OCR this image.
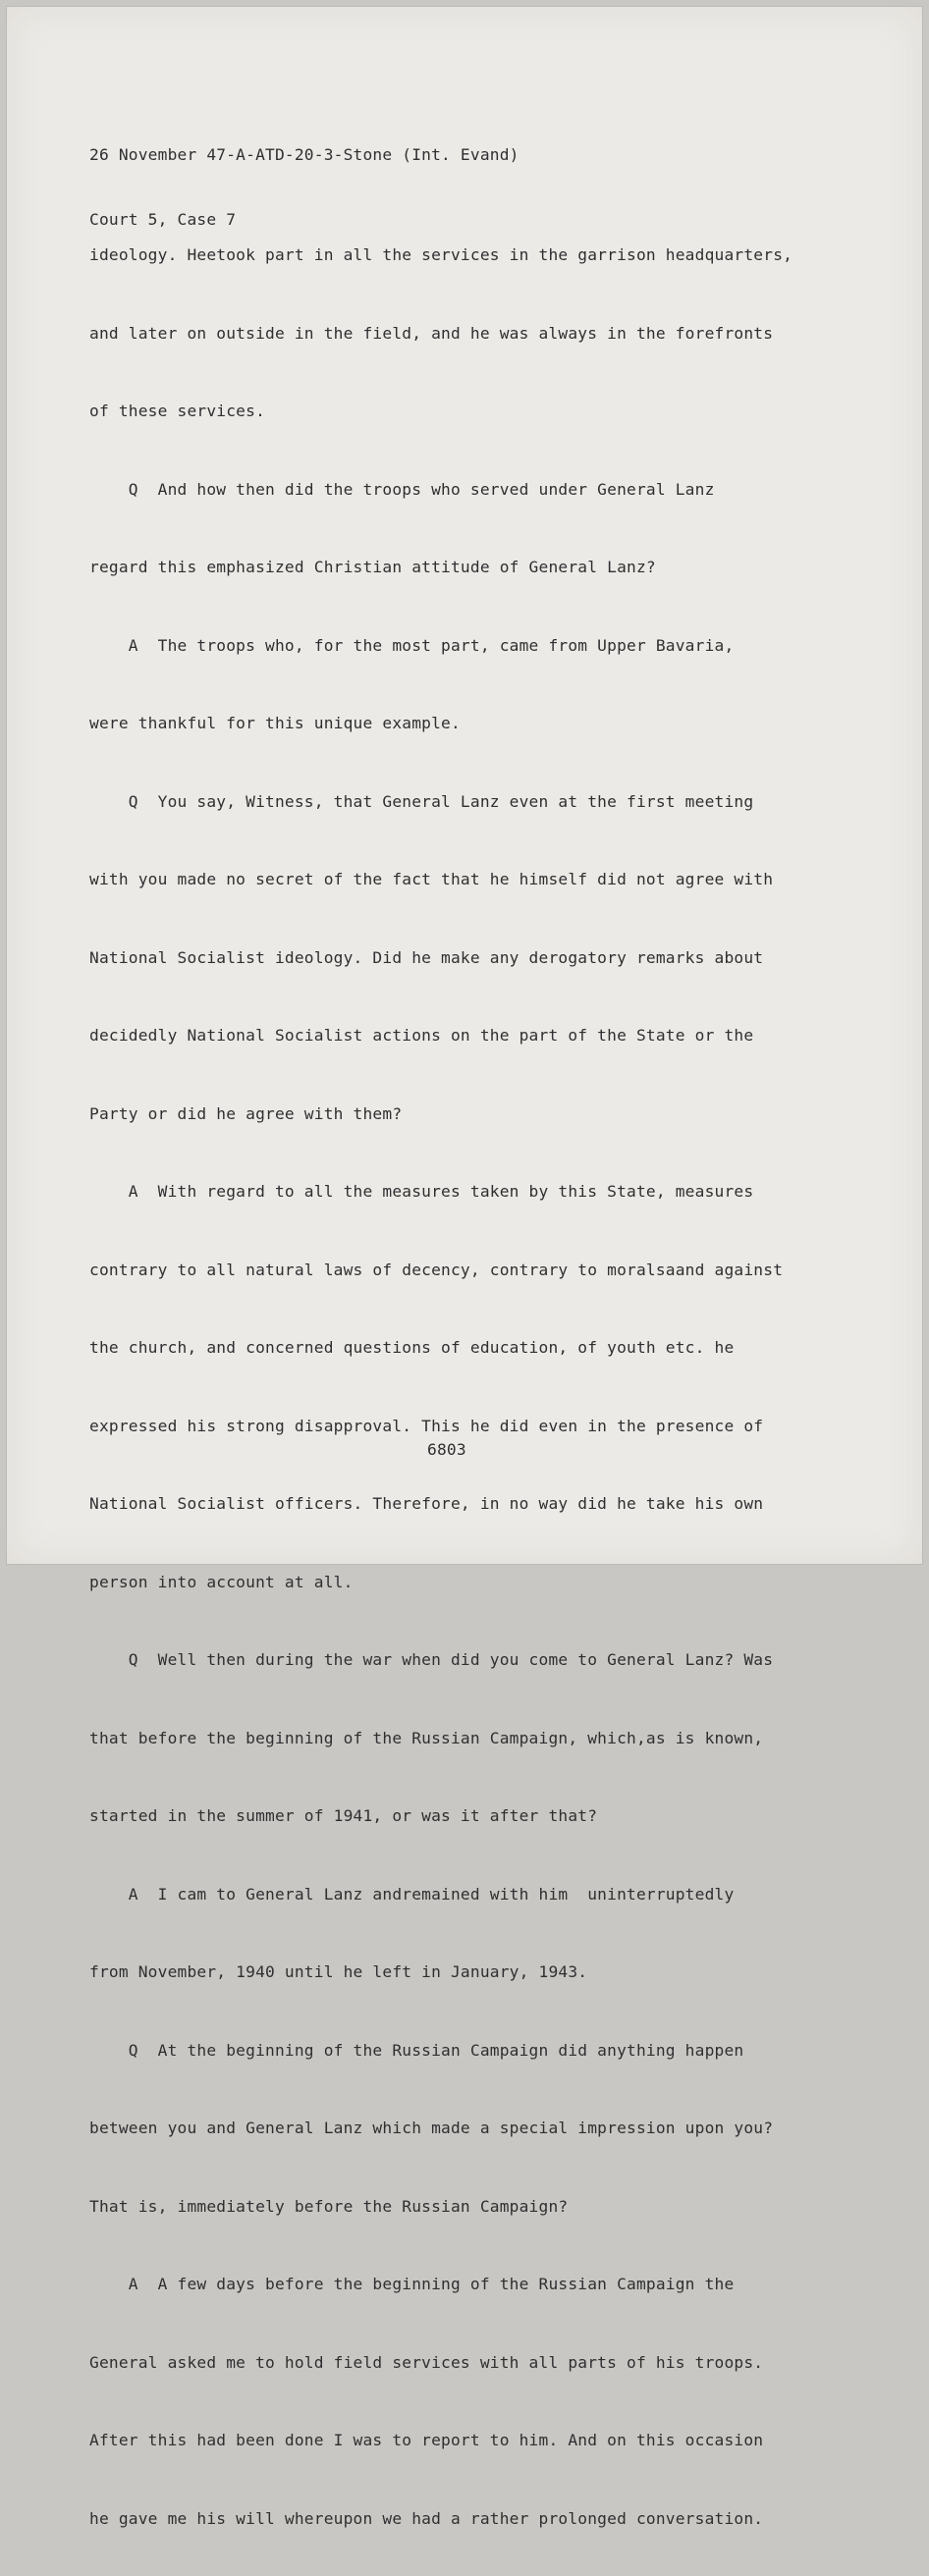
26 November 47-A-ATD-20-3-Stone (Int. Evand)

Court 5, Case 7

ideology. Heetook part in all the services in the garrison headquarters,

and later on outside in the field, and he was always in the forefronts

of these services.

Q  And how then did the troops who served under General Lanz

regard this emphasized Christian attitude of General Lanz?

A  The troops who, for the most part, came from Upper Bavaria,

were thankful for this unique example.

Q  You say, Witness, that General Lanz even at the first meeting

with you made no secret of the fact that he himself did not agree with

National Socialist ideology. Did he make any derogatory remarks about

decidedly National Socialist actions on the part of the State or the

Party or did he agree with them?

A  With regard to all the measures taken by this State, measures

contrary to all natural laws of decency, contrary to moralsaand against

the church, and concerned questions of education, of youth etc. he

expressed his strong disapproval. This he did even in the presence of

National Socialist officers. Therefore, in no way did he take his own

person into account at all.

Q  Well then during the war when did you come to General Lanz? Was

that before the beginning of the Russian Campaign, which,as is known,

started in the summer of 1941, or was it after that?

A  I cam to General Lanz andremained with him  uninterruptedly

from November, 1940 until he left in January, 1943.

Q  At the beginning of the Russian Campaign did anything happen

between you and General Lanz which made a special impression upon you?

That is, immediately before the Russian Campaign?

A  A few days before the beginning of the Russian Campaign the

General asked me to hold field services with all parts of his troops.

After this had been done I was to report to him. And on this occasion

he gave me his will whereupon we had a rather prolonged conversation.

6803
